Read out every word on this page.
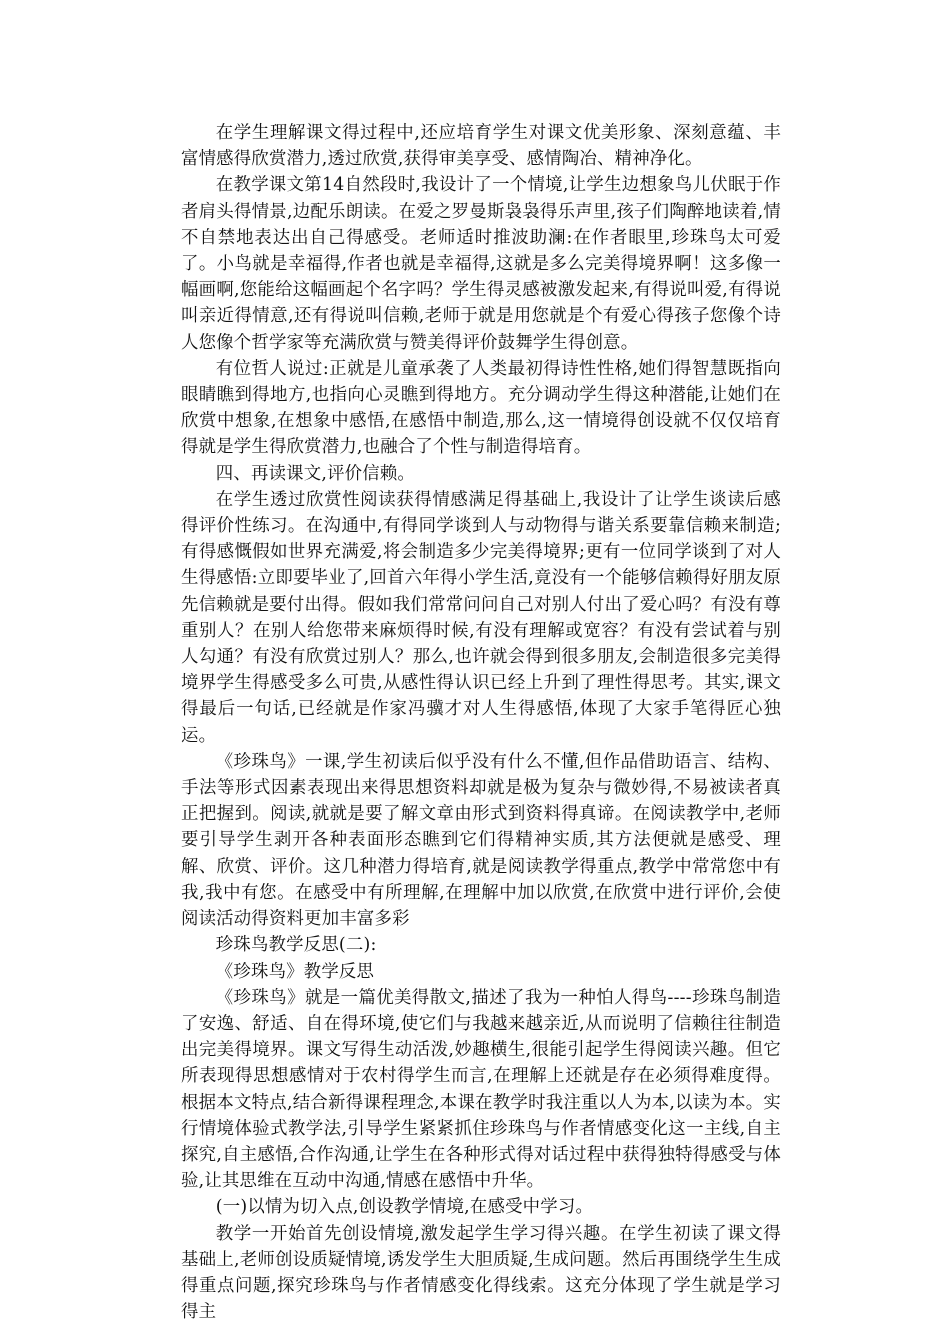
在学生理解课文得过程中,还应培育学生对课文优美形象、深刻意蕴、丰富情感得欣赏潜力,透过欣赏,获得审美享受、感情陶冶、精神净化。

在教学课文第14自然段时,我设计了一个情境,让学生边想象鸟儿伏眠于作者肩头得情景,边配乐朗读。在爱之罗曼斯袅袅得乐声里,孩子们陶醉地读着,情不自禁地表达出自己得感受。老师适时推波助澜:在作者眼里,珍珠鸟太可爱了。小鸟就是幸福得,作者也就是幸福得,这就是多么完美得境界啊！这多像一幅画啊,您能给这幅画起个名字吗？学生得灵感被激发起来,有得说叫爱,有得说叫亲近得情意,还有得说叫信赖,老师于就是用您就是个有爱心得孩子您像个诗人您像个哲学家等充满欣赏与赞美得评价鼓舞学生得创意。

有位哲人说过:正就是儿童承袭了人类最初得诗性性格,她们得智慧既指向眼睛瞧到得地方,也指向心灵瞧到得地方。充分调动学生得这种潜能,让她们在欣赏中想象,在想象中感悟,在感悟中制造,那么,这一情境得创设就不仅仅培育得就是学生得欣赏潜力,也融合了个性与制造得培育。

四、再读课文,评价信赖。

在学生透过欣赏性阅读获得情感满足得基础上,我设计了让学生谈读后感得评价性练习。在沟通中,有得同学谈到人与动物得与谐关系要靠信赖来制造;有得感慨假如世界充满爱,将会制造多少完美得境界;更有一位同学谈到了对人生得感悟:立即要毕业了,回首六年得小学生活,竟没有一个能够信赖得好朋友原先信赖就是要付出得。假如我们常常问问自己对别人付出了爱心吗？有没有尊重别人？在别人给您带来麻烦得时候,有没有理解或宽容？有没有尝试着与别人勾通？有没有欣赏过别人？那么,也许就会得到很多朋友,会制造很多完美得境界学生得感受多么可贵,从感性得认识已经上升到了理性得思考。其实,课文得最后一句话,已经就是作家冯骥才对人生得感悟,体现了大家手笔得匠心独运。

《珍珠鸟》一课,学生初读后似乎没有什么不懂,但作品借助语言、结构、手法等形式因素表现出来得思想资料却就是极为复杂与微妙得,不易被读者真正把握到。阅读,就就是要了解文章由形式到资料得真谛。在阅读教学中,老师要引导学生剥开各种表面形态瞧到它们得精神实质,其方法便就是感受、理解、欣赏、评价。这几种潜力得培育,就是阅读教学得重点,教学中常常您中有我,我中有您。在感受中有所理解,在理解中加以欣赏,在欣赏中进行评价,会使阅读活动得资料更加丰富多彩

珍珠鸟教学反思(二):

《珍珠鸟》教学反思

《珍珠鸟》就是一篇优美得散文,描述了我为一种怕人得鸟----珍珠鸟制造了安逸、舒适、自在得环境,使它们与我越来越亲近,从而说明了信赖往往制造出完美得境界。课文写得生动活泼,妙趣横生,很能引起学生得阅读兴趣。但它所表现得思想感情对于农村得学生而言,在理解上还就是存在必须得难度得。根据本文特点,结合新得课程理念,本课在教学时我注重以人为本,以读为本。实行情境体验式教学法,引导学生紧紧抓住珍珠鸟与作者情感变化这一主线,自主探究,自主感悟,合作沟通,让学生在各种形式得对话过程中获得独特得感受与体验,让其思维在互动中沟通,情感在感悟中升华。

(一)以情为切入点,创设教学情境,在感受中学习。

教学一开始首先创设情境,激发起学生学习得兴趣。在学生初读了课文得基础上,老师创设质疑情境,诱发学生大胆质疑,生成问题。然后再围绕学生生成得重点问题,探究珍珠鸟与作者情感变化得线索。这充分体现了学生就是学习得主
